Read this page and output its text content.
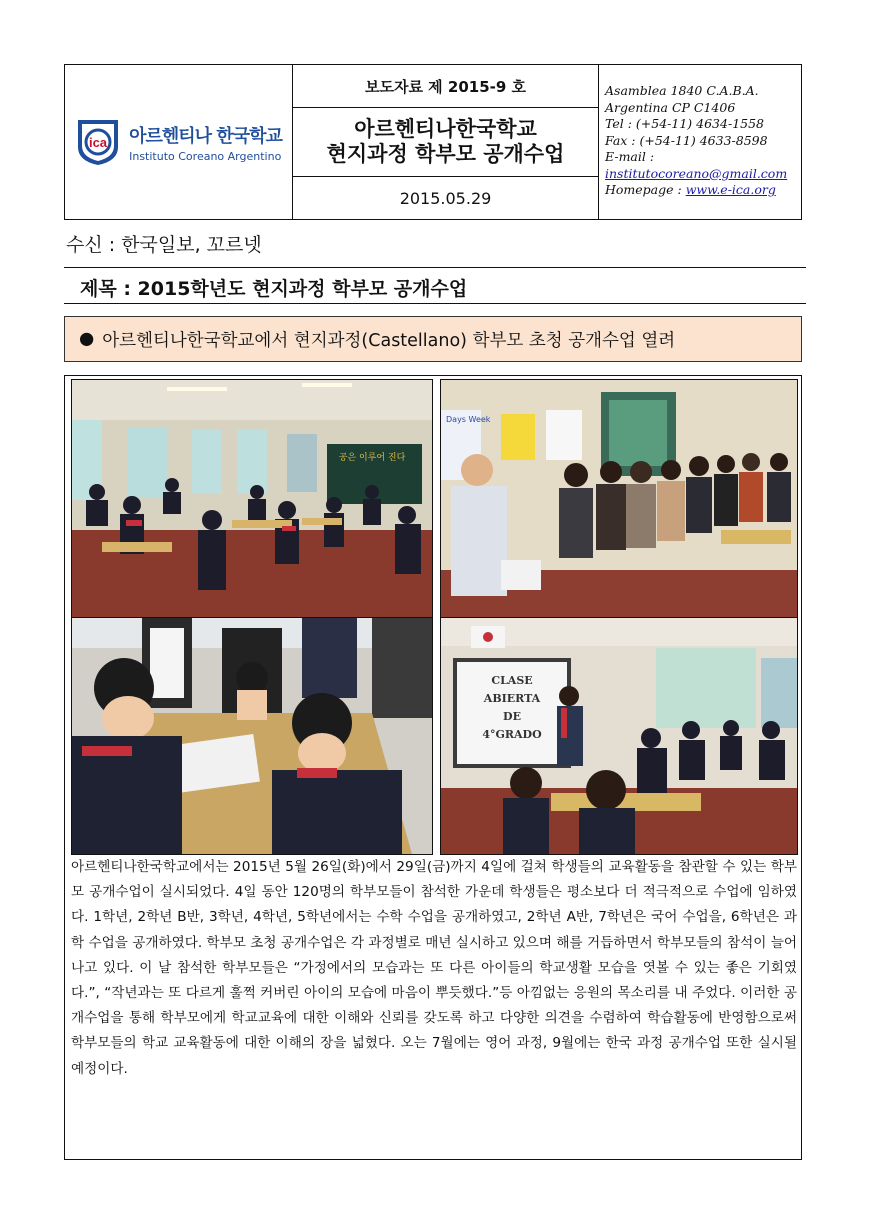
ica 아르헨티나 한국학교
Instituto Coreano Argentino
보도자료 제 2015-9 호
아르헨티나한국학교
현지과정 학부모 공개수업
2015.05.29
Asamblea 1840 C.A.B.A.
Argentina CP C1406
Tel : (+54-11) 4634-1558
Fax : (+54-11) 4633-8598
E-mail :
institutocoreano@gmail.com
Homepage : www.e-ica.org
수신 : 한국일보, 꼬르넷
제목 : 2015학년도 현지과정 학부모 공개수업
● 아르헨티나한국학교에서 현지과정(Castellano) 학부모 초청 공개수업 열려
공은 이루어 진다
Days Week
CLASE
ABIERTA
DE
4°GRADO
아르헨티나한국학교에서는 2015년 5월 26일(화)에서 29일(금)까지 4일에 걸쳐 학생들의 교육활동을 참관할 수 있는 학부모 공개수업이 실시되었다. 4일 동안 120명의 학부모들이 참석한 가운데 학생들은 평소보다 더 적극적으로 수업에 임하였다. 1학년, 2학년 B반, 3학년, 4학년, 5학년에서는 수학 수업을 공개하였고, 2학년 A반, 7학년은 국어 수업을, 6학년은 과학 수업을 공개하였다. 학부모 초청 공개수업은 각 과정별로 매년 실시하고 있으며 해를 거듭하면서 학부모들의 참석이 늘어나고 있다. 이 날 참석한 학부모들은 “가정에서의 모습과는 또 다른 아이들의 학교생활 모습을 엿볼 수 있는 좋은 기회였다.”, “작년과는 또 다르게 훌쩍 커버린 아이의 모습에 마음이 뿌듯했다.”등 아낌없는 응원의 목소리를 내 주었다. 이러한 공개수업을 통해 학부모에게 학교교육에 대한 이해와 신뢰를 갖도록 하고 다양한 의견을 수렴하여 학습활동에 반영함으로써 학부모들의 학교 교육활동에 대한 이해의 장을 넓혔다. 오는 7월에는 영어 과정, 9월에는 한국 과정 공개수업 또한 실시될 예정이다.
